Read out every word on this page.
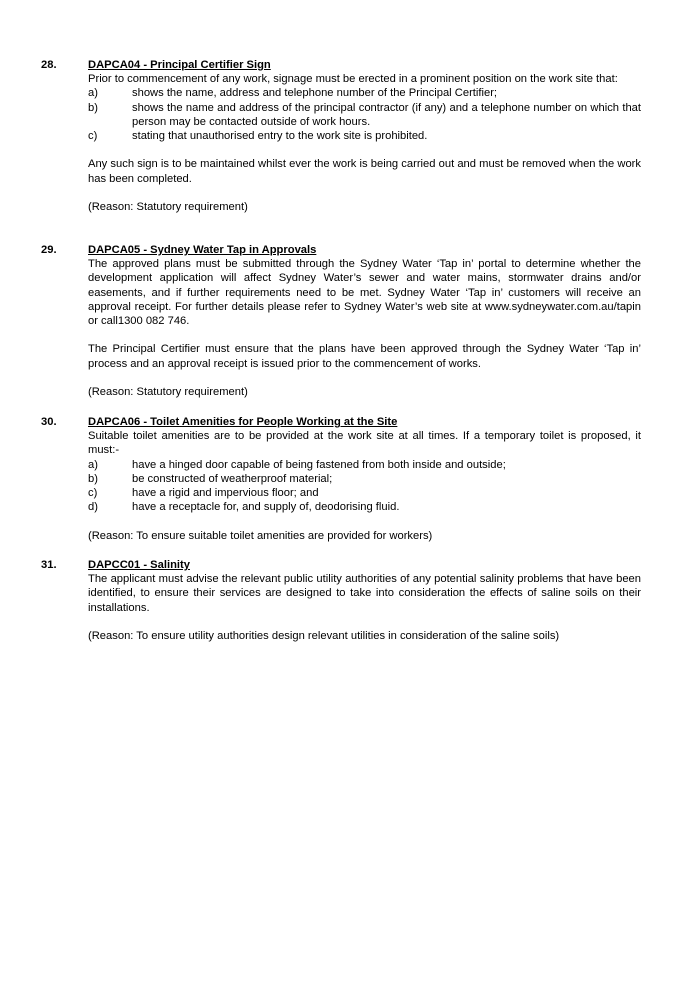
28.	DAPCA04 - Principal Certifier Sign

Prior to commencement of any work, signage must be erected in a prominent position on the work site that:

a)	shows the name, address and telephone number of the Principal Certifier;
b)	shows the name and address of the principal contractor (if any) and a telephone number on which that person may be contacted outside of work hours.
c)	stating that unauthorised entry to the work site is prohibited.

Any such sign is to be maintained whilst ever the work is being carried out and must be removed when the work has been completed.

(Reason: Statutory requirement)

29.	DAPCA05 - Sydney Water Tap in Approvals

The approved plans must be submitted through the Sydney Water ‘Tap in’ portal to determine whether the development application will affect Sydney Water’s sewer and water mains, stormwater drains and/or easements, and if further requirements need to be met. Sydney Water ‘Tap in’ customers will receive an approval receipt. For further details please refer to Sydney Water’s web site at www.sydneywater.com.au/tapin or call1300 082 746.

The Principal Certifier must ensure that the plans have been approved through the Sydney Water ‘Tap in’ process and an approval receipt is issued prior to the commencement of works.

(Reason: Statutory requirement)

30.	DAPCA06 - Toilet Amenities for People Working at the Site

Suitable toilet amenities are to be provided at the work site at all times. If a temporary toilet is proposed, it must:-

a)	have a hinged door capable of being fastened from both inside and outside;
b)	be constructed of weatherproof material;
c)	have a rigid and impervious floor; and
d)	have a receptacle for, and supply of, deodorising fluid.

(Reason: To ensure suitable toilet amenities are provided for workers)

31.	DAPCC01 - Salinity

The applicant must advise the relevant public utility authorities of any potential salinity problems that have been identified, to ensure their services are designed to take into consideration the effects of saline soils on their installations.

(Reason: To ensure utility authorities design relevant utilities in consideration of the saline soils)
